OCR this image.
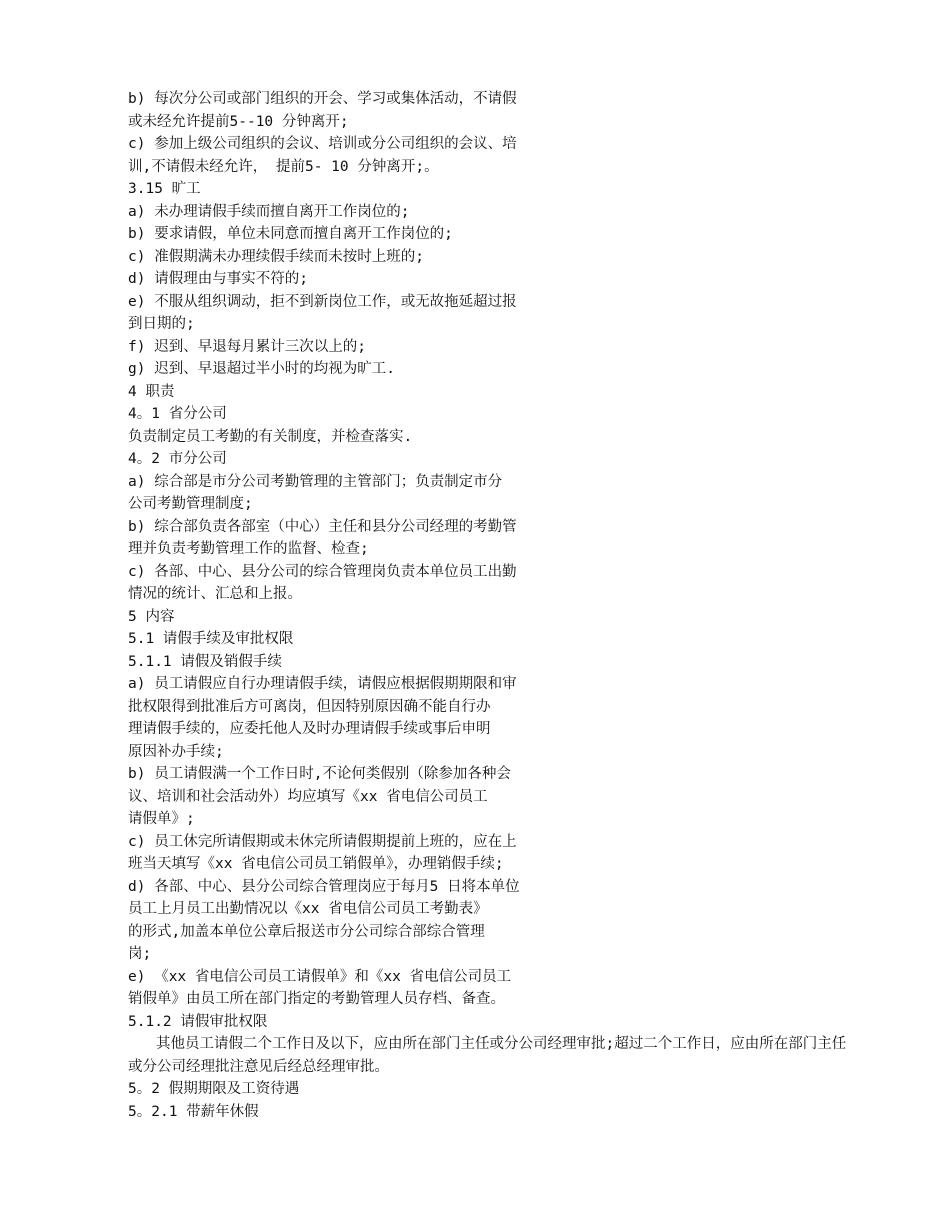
b) 每次分公司或部门组织的开会、学习或集体活动，不请假
或未经允许提前5--10 分钟离开;
c) 参加上级公司组织的会议、培训或分公司组织的会议、培
训,不请假未经允许， 提前5- 10 分钟离开;。
3.15 旷工
a) 未办理请假手续而擅自离开工作岗位的;
b) 要求请假，单位未同意而擅自离开工作岗位的;
c) 准假期满未办理续假手续而未按时上班的;
d) 请假理由与事实不符的;
e) 不服从组织调动，拒不到新岗位工作，或无故拖延超过报
到日期的;
f) 迟到、早退每月累计三次以上的;
g) 迟到、早退超过半小时的均视为旷工.
4 职责
4。1 省分公司
负责制定员工考勤的有关制度，并检查落实.
4。2 市分公司
a) 综合部是市分公司考勤管理的主管部门；负责制定市分
公司考勤管理制度;
b) 综合部负责各部室（中心）主任和县分公司经理的考勤管
理并负责考勤管理工作的监督、检查;
c) 各部、中心、县分公司的综合管理岗负责本单位员工出勤
情况的统计、汇总和上报。
5 内容
5.1 请假手续及审批权限
5.1.1 请假及销假手续
a) 员工请假应自行办理请假手续，请假应根据假期期限和审
批权限得到批准后方可离岗，但因特别原因确不能自行办
理请假手续的，应委托他人及时办理请假手续或事后申明
原因补办手续;
b) 员工请假满一个工作日时,不论何类假别（除参加各种会
议、培训和社会活动外）均应填写《xx 省电信公司员工
请假单》;
c) 员工休完所请假期或未休完所请假期提前上班的，应在上
班当天填写《xx 省电信公司员工销假单》，办理销假手续;
d) 各部、中心、县分公司综合管理岗应于每月5 日将本单位
员工上月员工出勤情况以《xx 省电信公司员工考勤表》
的形式,加盖本单位公章后报送市分公司综合部综合管理
岗;
e) 《xx 省电信公司员工请假单》和《xx 省电信公司员工
销假单》由员工所在部门指定的考勤管理人员存档、备查。
5.1.2 请假审批权限
其他员工请假二个工作日及以下，应由所在部门主任或分公司经理审批;超过二个工作日，应由所在部门主任或分公司经理批注意见后经总经理审批。
5。2 假期期限及工资待遇
5。2.1 带薪年休假
